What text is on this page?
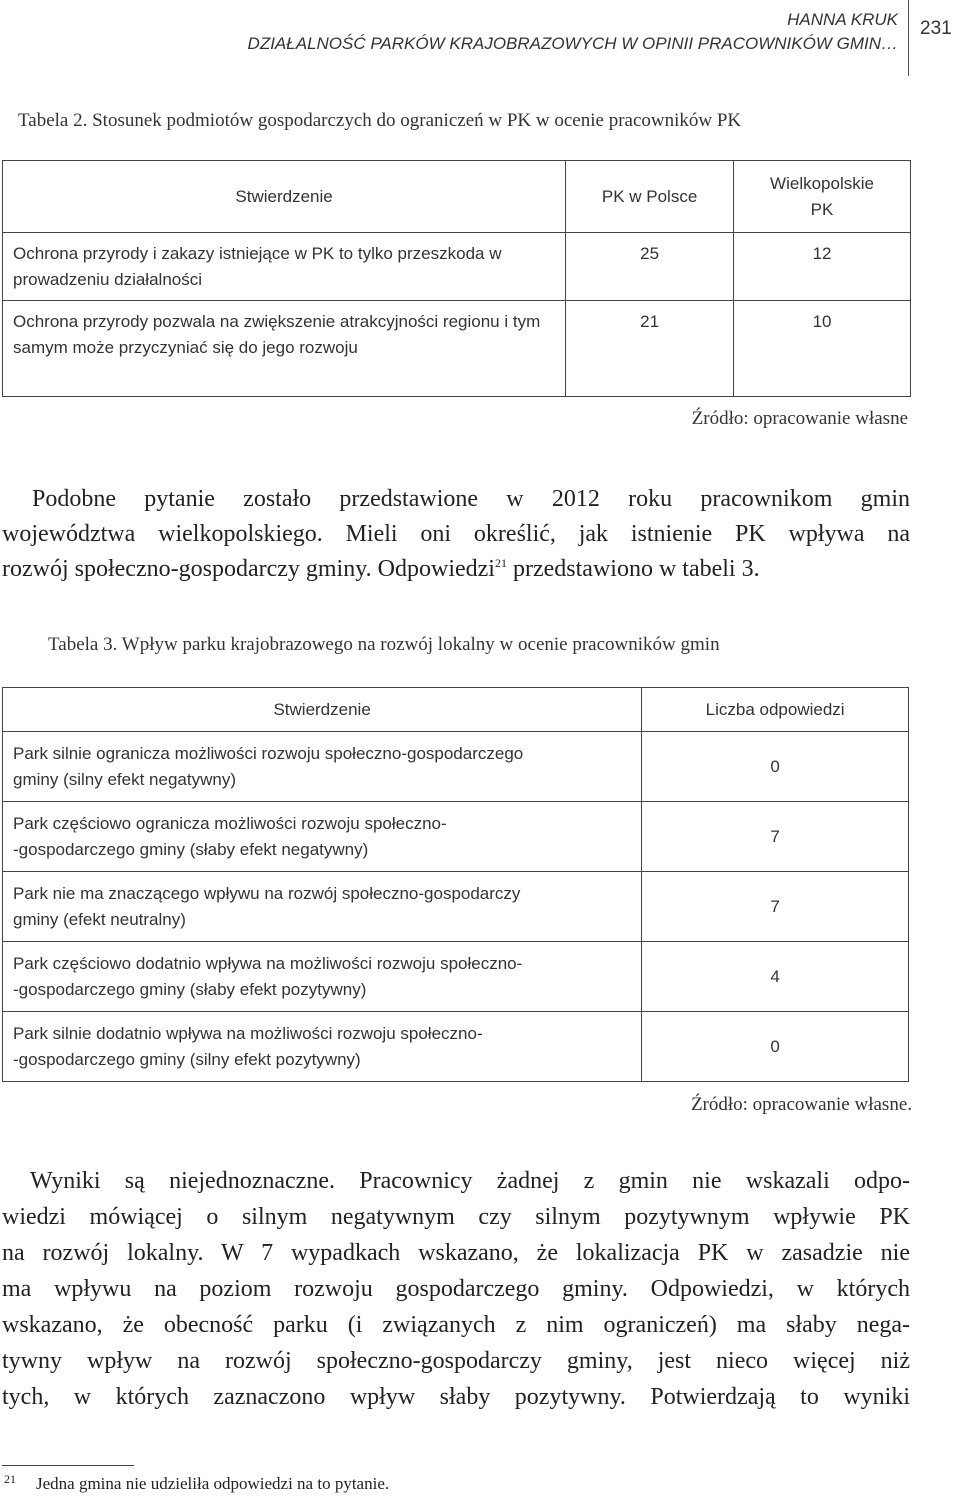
HANNA KRUK
DZIAŁALNOŚĆ PARKÓW KRAJOBRAZOWYCH W OPINII PRACOWNIKÓW GMIN…
231
Tabela 2. Stosunek podmiotów gospodarczych do ograniczeń w PK w ocenie pracowników PK
Stwierdzenie	PK w Polsce	Wielkopolskie PK
Ochrona przyrody i zakazy istniejące w PK to tylko przeszkoda w prowadzeniu działalności	25	12
Ochrona przyrody pozwala na zwiększenie atrakcyjności regionu i tym samym może przyczyniać się do jego rozwoju	21	10
Źródło: opracowanie własne
Podobne pytanie zostało przedstawione w 2012 roku pracownikom gmin
województwa wielkopolskiego. Mieli oni określić, jak istnienie PK wpływa na
rozwój społeczno-gospodarczy gminy. Odpowiedzi$^{21}$ przedstawiono w tabeli 3.
Tabela 3. Wpływ parku krajobrazowego na rozwój lokalny w ocenie pracowników gmin
Stwierdzenie	Liczba odpowiedzi

Park silnie ogranicza możliwości rozwoju społeczno-gospodarczego
gminy (silny efekt negatywny)	0

Park częściowo ogranicza możliwości rozwoju społeczno-
-gospodarczego gminy (słaby efekt negatywny)	7

Park nie ma znaczącego wpływu na rozwój społeczno-gospodarczy
gminy (efekt neutralny)	7

Park częściowo dodatnio wpływa na możliwości rozwoju społeczno-
-gospodarczego gminy (słaby efekt pozytywny)	4

Park silnie dodatnio wpływa na możliwości rozwoju społeczno-
-gospodarczego gminy (silny efekt pozytywny)	0
Źródło: opracowanie własne.
Wyniki są niejednoznaczne. Pracownicy żadnej z gmin nie wskazali odpo-
wiedzi mówiącej o silnym negatywnym czy silnym pozytywnym wpływie PK
na rozwój lokalny. W 7 wypadkach wskazano, że lokalizacja PK w zasadzie nie
ma wpływu na poziom rozwoju gospodarczego gminy. Odpowiedzi, w których
wskazano, że obecność parku (i związanych z nim ograniczeń) ma słaby nega-
tywny wpływ na rozwój społeczno-gospodarczy gminy, jest nieco więcej niż
tych, w których zaznaczono wpływ słaby pozytywny. Potwierdzają to wyniki
$^{21}$ Jedna gmina nie udzieliła odpowiedzi na to pytanie.
